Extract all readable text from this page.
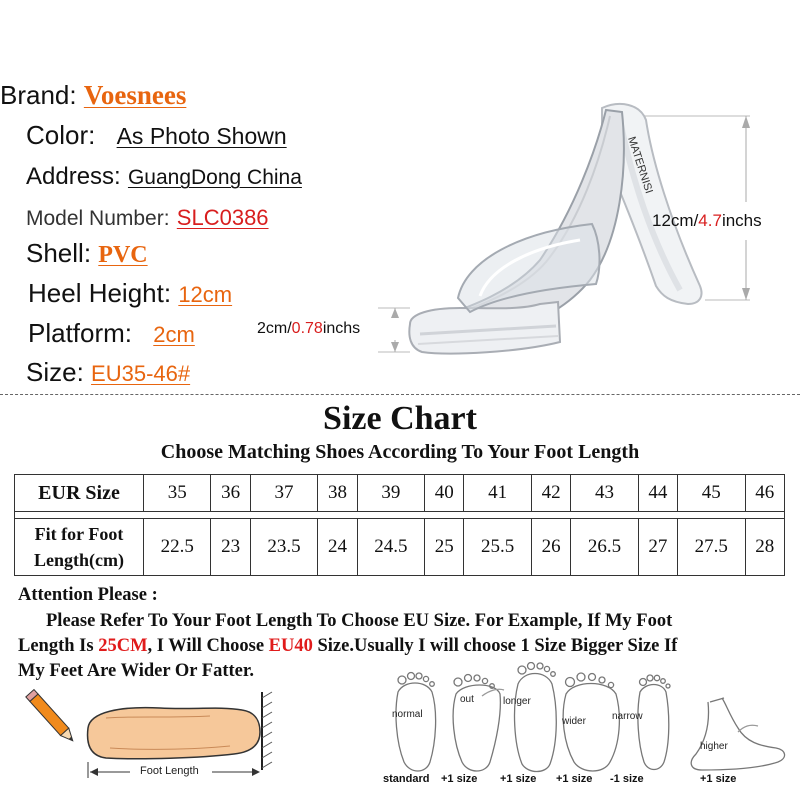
Brand: Voesnees
Color: As Photo Shown
Address: GuangDong China
Model Number: SLC0386
Shell: PVC
Heel Height: 12cm
Platform: 2cm
Size: EU35-46#
MATERNISI
12cm/4.7inchs
2cm/0.78inchs
Size Chart
Choose Matching Shoes According To Your Foot Length
EUR Size	35	36	37	38	39	40	41	42	43	44	45	46

Fit for Foot
Length(cm)	22.5	23	23.5	24	24.5	25	25.5	26	26.5	27	27.5	28
Attention Please :
Please Refer To Your Foot Length To Choose EU Size. For Example, If My Foot
Length Is 25CM, I Will Choose EU40 Size.Usually I will choose 1 Size Bigger Size If
My Feet Are Wider Or Fatter.
Foot Length
normal
out	longer
wider	narrow
higher
standard +1 size +1 size +1 size -1 size	+1 size
